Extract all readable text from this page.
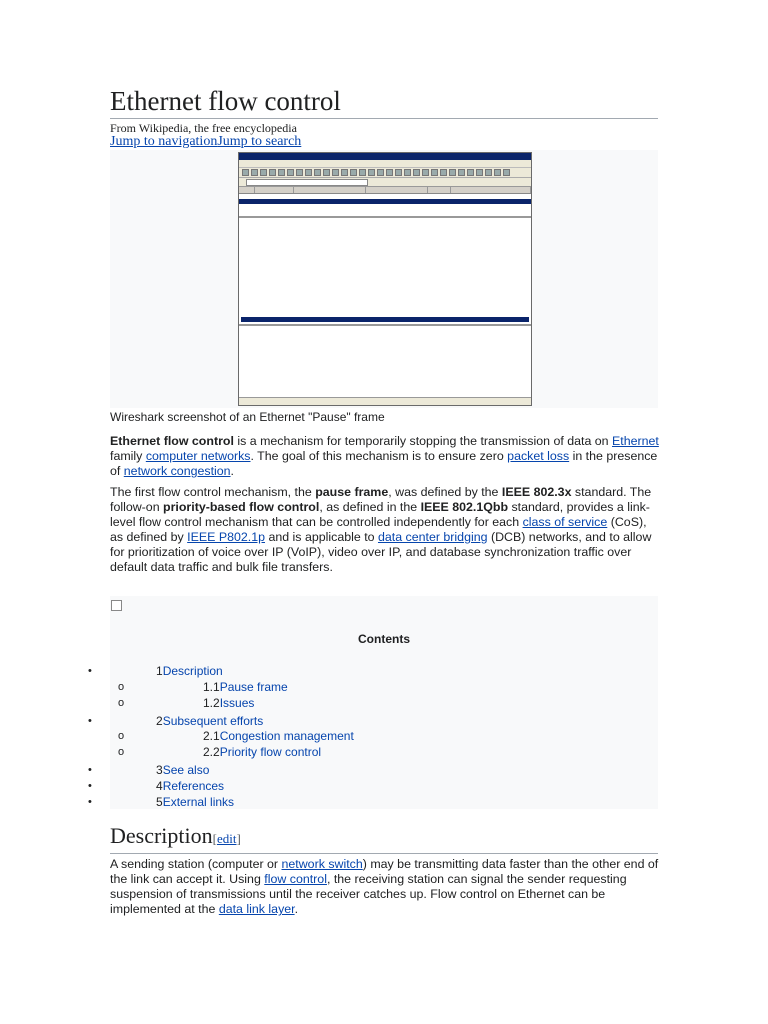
Ethernet flow control
From Wikipedia, the free encyclopedia
Jump to navigationJump to search
Wireshark screenshot of an Ethernet "Pause" frame

Ethernet flow control is a mechanism for temporarily stopping the transmission of data on Ethernet family computer networks. The goal of this mechanism is to ensure zero packet loss in the presence of network congestion.

The first flow control mechanism, the pause frame, was defined by the IEEE 802.3x standard. The follow-on priority-based flow control, as defined in the IEEE 802.1Qbb standard, provides a link-level flow control mechanism that can be controlled independently for each class of service (CoS), as defined by IEEE P802.1p and is applicable to data center bridging (DCB) networks, and to allow for prioritization of voice over IP (VoIP), video over IP, and database synchronization traffic over default data traffic and bulk file transfers.

Contents
•	1Description
o	1.1Pause frame
o	1.2Issues
•	2Subsequent efforts
o	2.1Congestion management
o	2.2Priority flow control
•	3See also
•	4References
•	5External links
Description[edit]

A sending station (computer or network switch) may be transmitting data faster than the other end of the link can accept it. Using flow control, the receiving station can signal the sender requesting suspension of transmissions until the receiver catches up. Flow control on Ethernet can be implemented at the data link layer.
